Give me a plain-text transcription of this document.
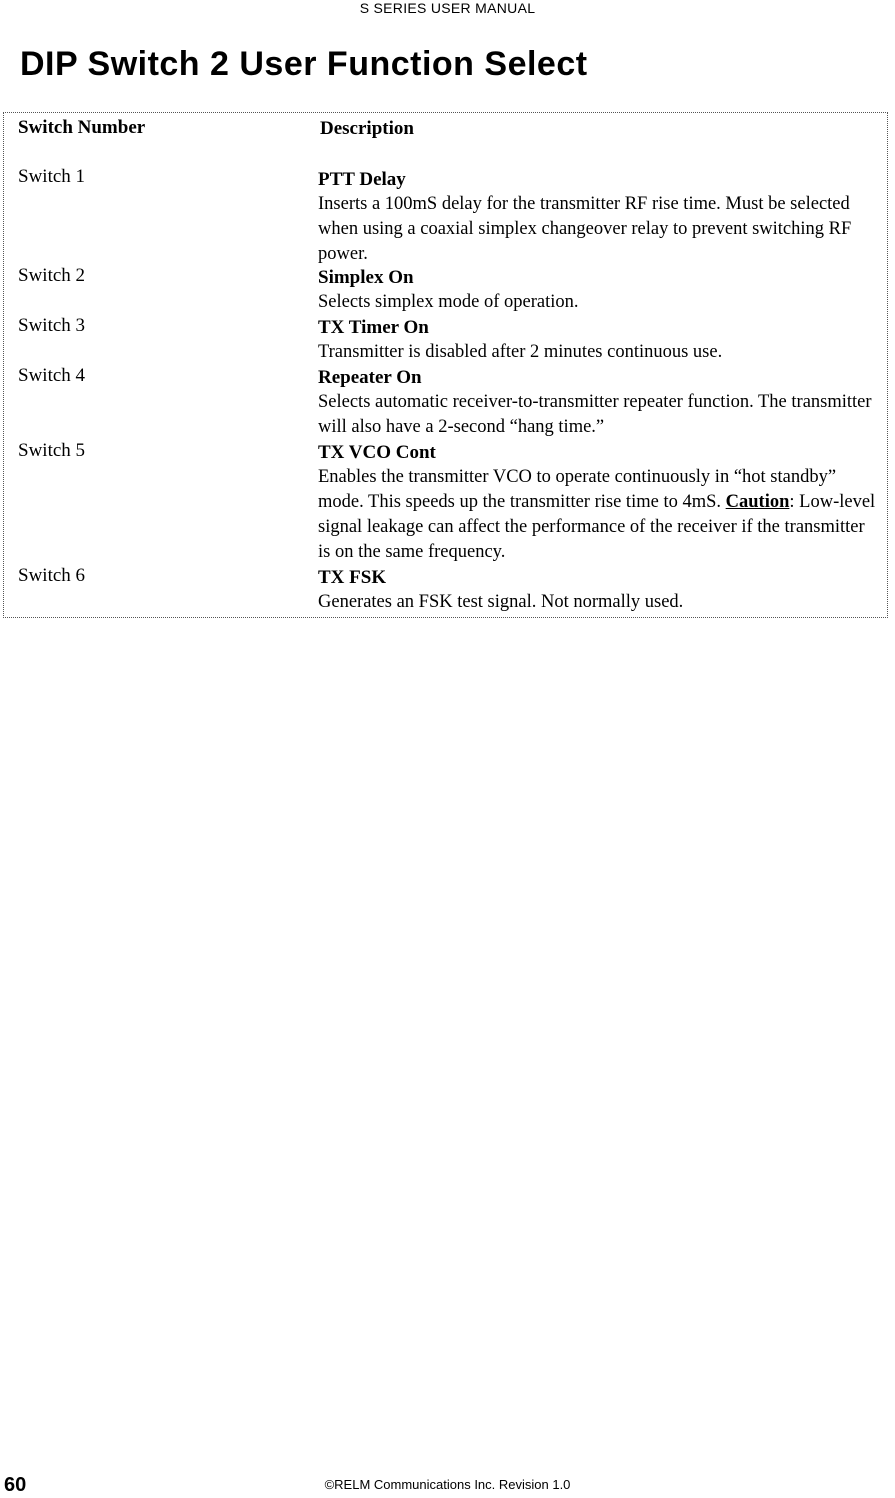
S SERIES USER MANUAL
DIP Switch 2 User Function Select
Switch Number	Description
Switch 1	PTT Delay
Inserts a 100mS delay for the transmitter RF rise time. Must be selected when using a coaxial simplex changeover relay to prevent switching RF power.
Switch 2	Simplex On
Selects simplex mode of operation.
Switch 3	TX Timer On
Transmitter is disabled after 2 minutes continuous use.
Switch 4	Repeater On
Selects automatic receiver-to-transmitter repeater function. The transmitter will also have a 2-second “hang time.”
Switch 5	TX VCO Cont
Enables the transmitter VCO to operate continuously in “hot standby” mode. This speeds up the transmitter rise time to 4mS. Caution: Low-level signal leakage can affect the performance of the receiver if the transmitter is on the same frequency.
Switch 6	TX FSK
Generates an FSK test signal. Not normally used.
60	©RELM Communications Inc. Revision 1.0
